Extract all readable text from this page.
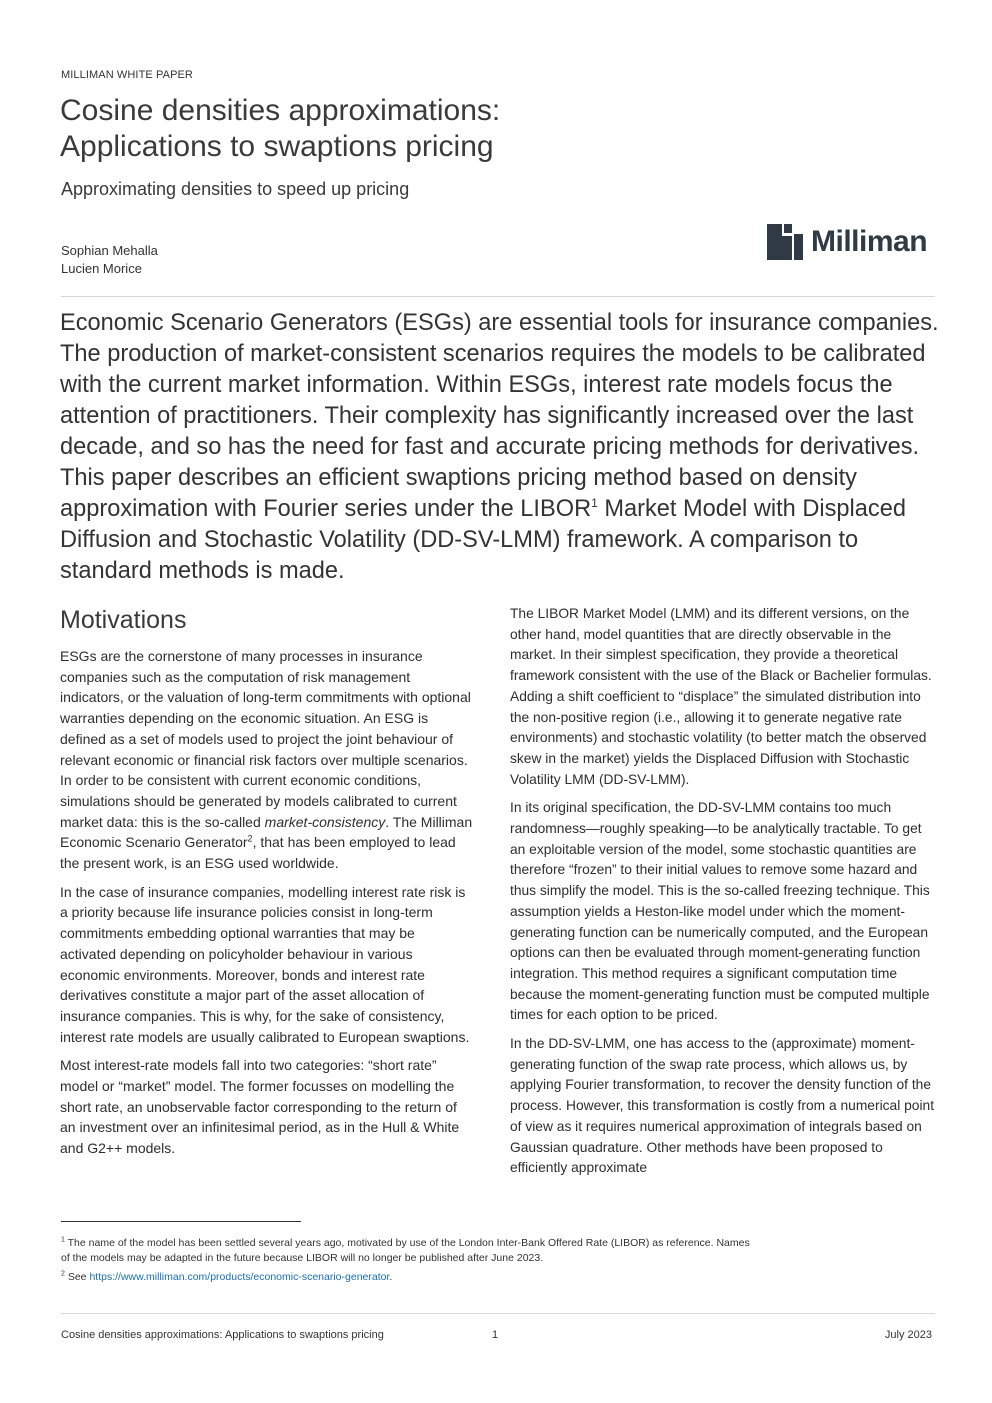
MILLIMAN WHITE PAPER
Cosine densities approximations:
Applications to swaptions pricing
Approximating densities to speed up pricing
Sophian Mehalla
Lucien Morice
Milliman
Economic Scenario Generators (ESGs) are essential tools for insurance companies. The production of market-consistent scenarios requires the models to be calibrated with the current market information. Within ESGs, interest rate models focus the attention of practitioners. Their complexity has significantly increased over the last decade, and so has the need for fast and accurate pricing methods for derivatives. This paper describes an efficient swaptions pricing method based on density approximation with Fourier series under the LIBOR$^1$ Market Model with Displaced Diffusion and Stochastic Volatility (DD-SV-LMM) framework. A comparison to standard methods is made.
Motivations

ESGs are the cornerstone of many processes in insurance companies such as the computation of risk management indicators, or the valuation of long-term commitments with optional warranties depending on the economic situation. An ESG is defined as a set of models used to project the joint behaviour of relevant economic or financial risk factors over multiple scenarios. In order to be consistent with current economic conditions, simulations should be generated by models calibrated to current market data: this is the so-called market-consistency. The Milliman Economic Scenario Generator$^2$, that has been employed to lead the present work, is an ESG used worldwide.

In the case of insurance companies, modelling interest rate risk is a priority because life insurance policies consist in long-term commitments embedding optional warranties that may be activated depending on policyholder behaviour in various economic environments. Moreover, bonds and interest rate derivatives constitute a major part of the asset allocation of insurance companies. This is why, for the sake of consistency, interest rate models are usually calibrated to European swaptions.

Most interest-rate models fall into two categories: “short rate” model or “market” model. The former focusses on modelling the short rate, an unobservable factor corresponding to the return of an investment over an infinitesimal period, as in the Hull & White and G2++ models.

The LIBOR Market Model (LMM) and its different versions, on the other hand, model quantities that are directly observable in the market. In their simplest specification, they provide a theoretical framework consistent with the use of the Black or Bachelier formulas. Adding a shift coefficient to “displace” the simulated distribution into the non-positive region (i.e., allowing it to generate negative rate environments) and stochastic volatility (to better match the observed skew in the market) yields the Displaced Diffusion with Stochastic Volatility LMM (DD-SV-LMM).

In its original specification, the DD-SV-LMM contains too much randomness—roughly speaking—to be analytically tractable. To get an exploitable version of the model, some stochastic quantities are therefore “frozen” to their initial values to remove some hazard and thus simplify the model. This is the so-called freezing technique. This assumption yields a Heston-like model under which the moment-generating function can be numerically computed, and the European options can then be evaluated through moment-generating function integration. This method requires a significant computation time because the moment-generating function must be computed multiple times for each option to be priced.

In the DD-SV-LMM, one has access to the (approximate) moment-generating function of the swap rate process, which allows us, by applying Fourier transformation, to recover the density function of the process. However, this transformation is costly from a numerical point of view as it requires numerical approximation of integrals based on Gaussian quadrature. Other methods have been proposed to efficiently approximate

$^1$ The name of the model has been settled several years ago, motivated by use of the London Inter-Bank Offered Rate (LIBOR) as reference. Names of the models may be adapted in the future because LIBOR will no longer be published after June 2023.

$^2$ See https://www.milliman.com/products/economic-scenario-generator.

Cosine densities approximations: Applications to swaptions pricing	1	July 2023
